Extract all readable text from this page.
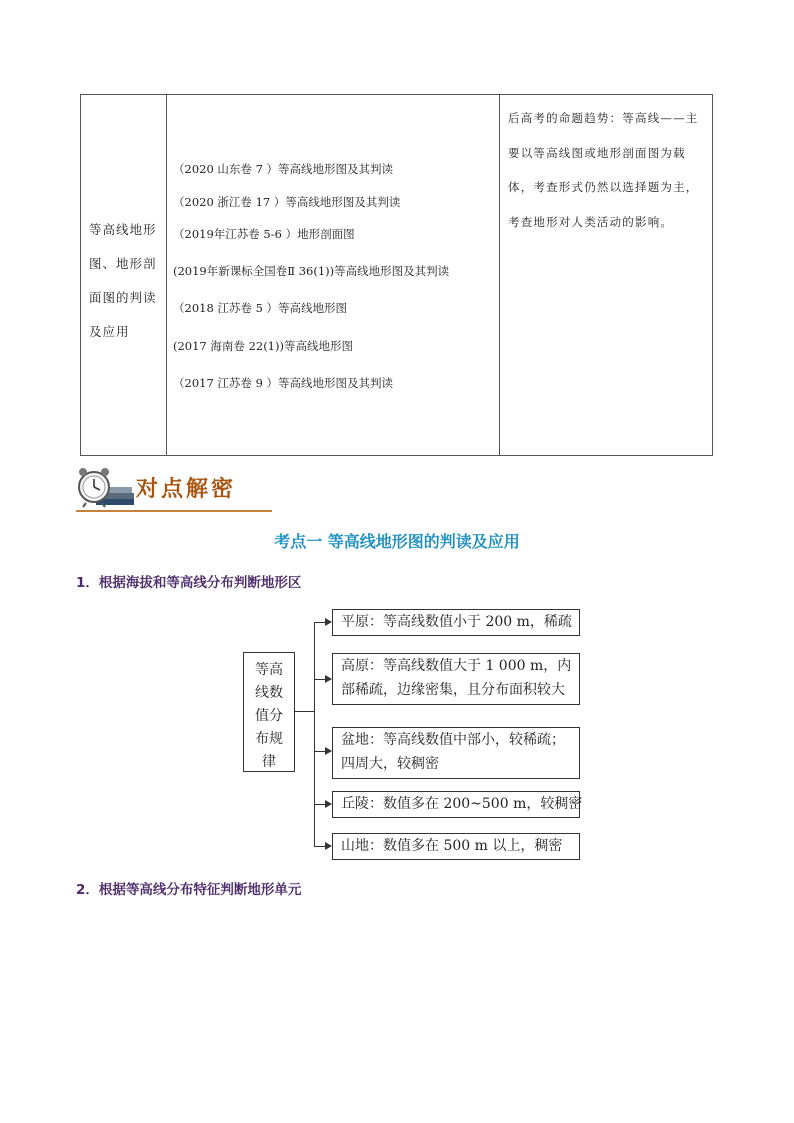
等高线地形图、地形剖面图的判读及应用
（2020 山东卷 7 ）等高线地形图及其判读
（2020 浙江卷 17 ）等高线地形图及其判读
（2019年江苏卷 5-6 ）地形剖面图
(2019年新课标全国卷Ⅱ 36(1))等高线地形图及其判读
（2018 江苏卷 5 ）等高线地形图
(2017 海南卷 22(1))等高线地形图
（2017 江苏卷 9 ）等高线地形图及其判读
后高考的命题趋势：等高线——主要以等高线图或地形剖面图为载体，考查形式仍然以选择题为主，考查地形对人类活动的影响。
对点解密
考点一 等高线地形图的判读及应用
1．根据海拔和等高线分布判断地形区
等高
线数
值分
布规
律
平原：等高线数值小于 200 m，稀疏
高原：等高线数值大于 1 000 m，内
部稀疏，边缘密集，且分布面积较大
盆地：等高线数值中部小，较稀疏；
四周大，较稠密
丘陵：数值多在 200~500 m，较稠密
山地：数值多在 500 m 以上，稠密
2．根据等高线分布特征判断地形单元
